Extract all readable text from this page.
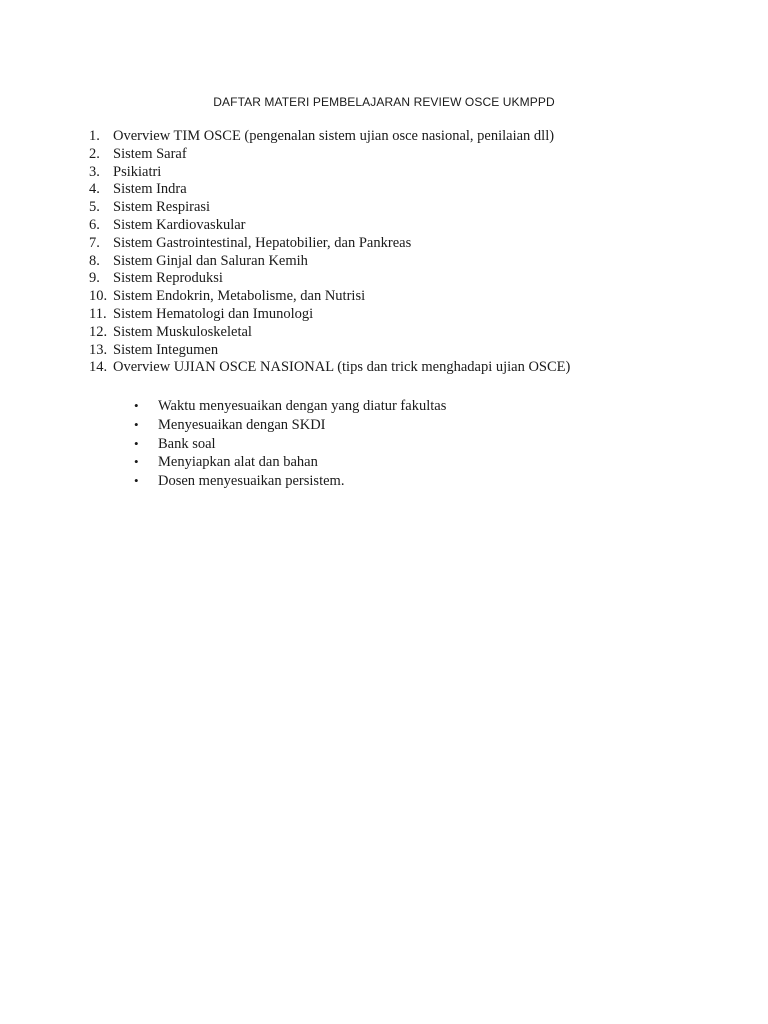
DAFTAR MATERI PEMBELAJARAN REVIEW OSCE UKMPPD
1. Overview TIM OSCE (pengenalan sistem ujian osce nasional, penilaian dll)
2. Sistem Saraf
3. Psikiatri
4. Sistem Indra
5. Sistem Respirasi
6. Sistem Kardiovaskular
7. Sistem Gastrointestinal, Hepatobilier, dan Pankreas
8. Sistem Ginjal dan Saluran Kemih
9. Sistem Reproduksi
10. Sistem Endokrin, Metabolisme, dan Nutrisi
11. Sistem Hematologi dan Imunologi
12. Sistem Muskuloskeletal
13. Sistem Integumen
14. Overview UJIAN OSCE NASIONAL (tips dan trick menghadapi ujian OSCE)
•	Waktu menyesuaikan dengan yang diatur fakultas
•	Menyesuaikan dengan SKDI
•	Bank soal
•	Menyiapkan alat dan bahan
•	Dosen menyesuaikan persistem.
